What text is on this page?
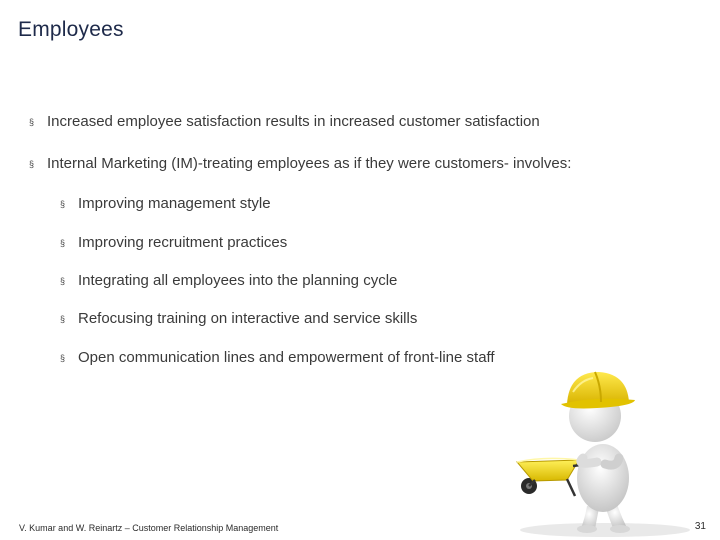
Employees
§ Increased employee satisfaction results in increased customer satisfaction
§ Internal Marketing (IM)-treating employees as if they were customers- involves:
§ Improving management style
§ Improving recruitment practices
§ Integrating all employees into the planning cycle
§ Refocusing training on interactive and service skills
§ Open communication lines and empowerment of front-line staff
V. Kumar and W. Reinartz – Customer Relationship Management	31
